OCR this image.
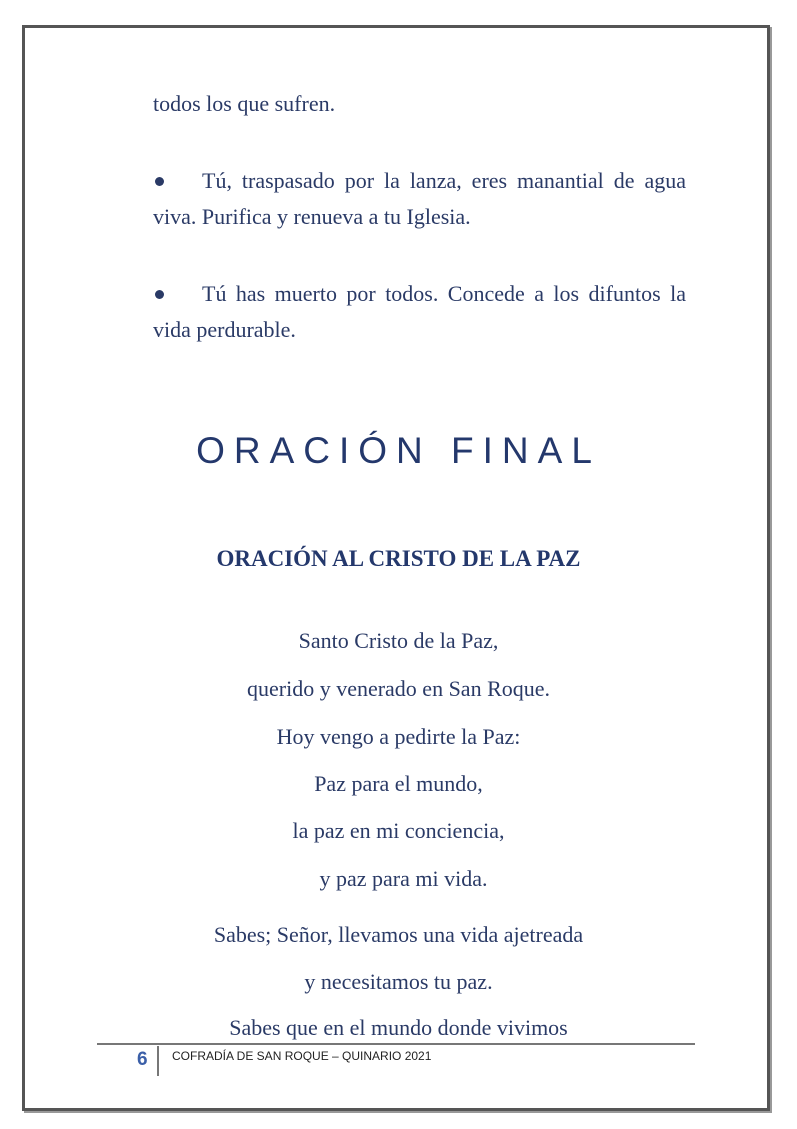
todos los que sufren.
Tú, traspasado por la lanza, eres manantial de agua viva. Purifica y renueva a tu Iglesia.
Tú has muerto por todos. Concede a los difuntos la vida perdurable.
ORACIÓN FINAL
ORACIÓN AL CRISTO DE LA PAZ
Santo Cristo de la Paz,
querido y venerado en San Roque.
Hoy vengo a pedirte la Paz:
Paz para el mundo,
la paz en mi conciencia,
y paz para mi vida.
Sabes; Señor, llevamos una vida ajetreada
y necesitamos tu paz.
Sabes que en el mundo donde vivimos
6 COFRADÍA DE SAN ROQUE – QUINARIO 2021
